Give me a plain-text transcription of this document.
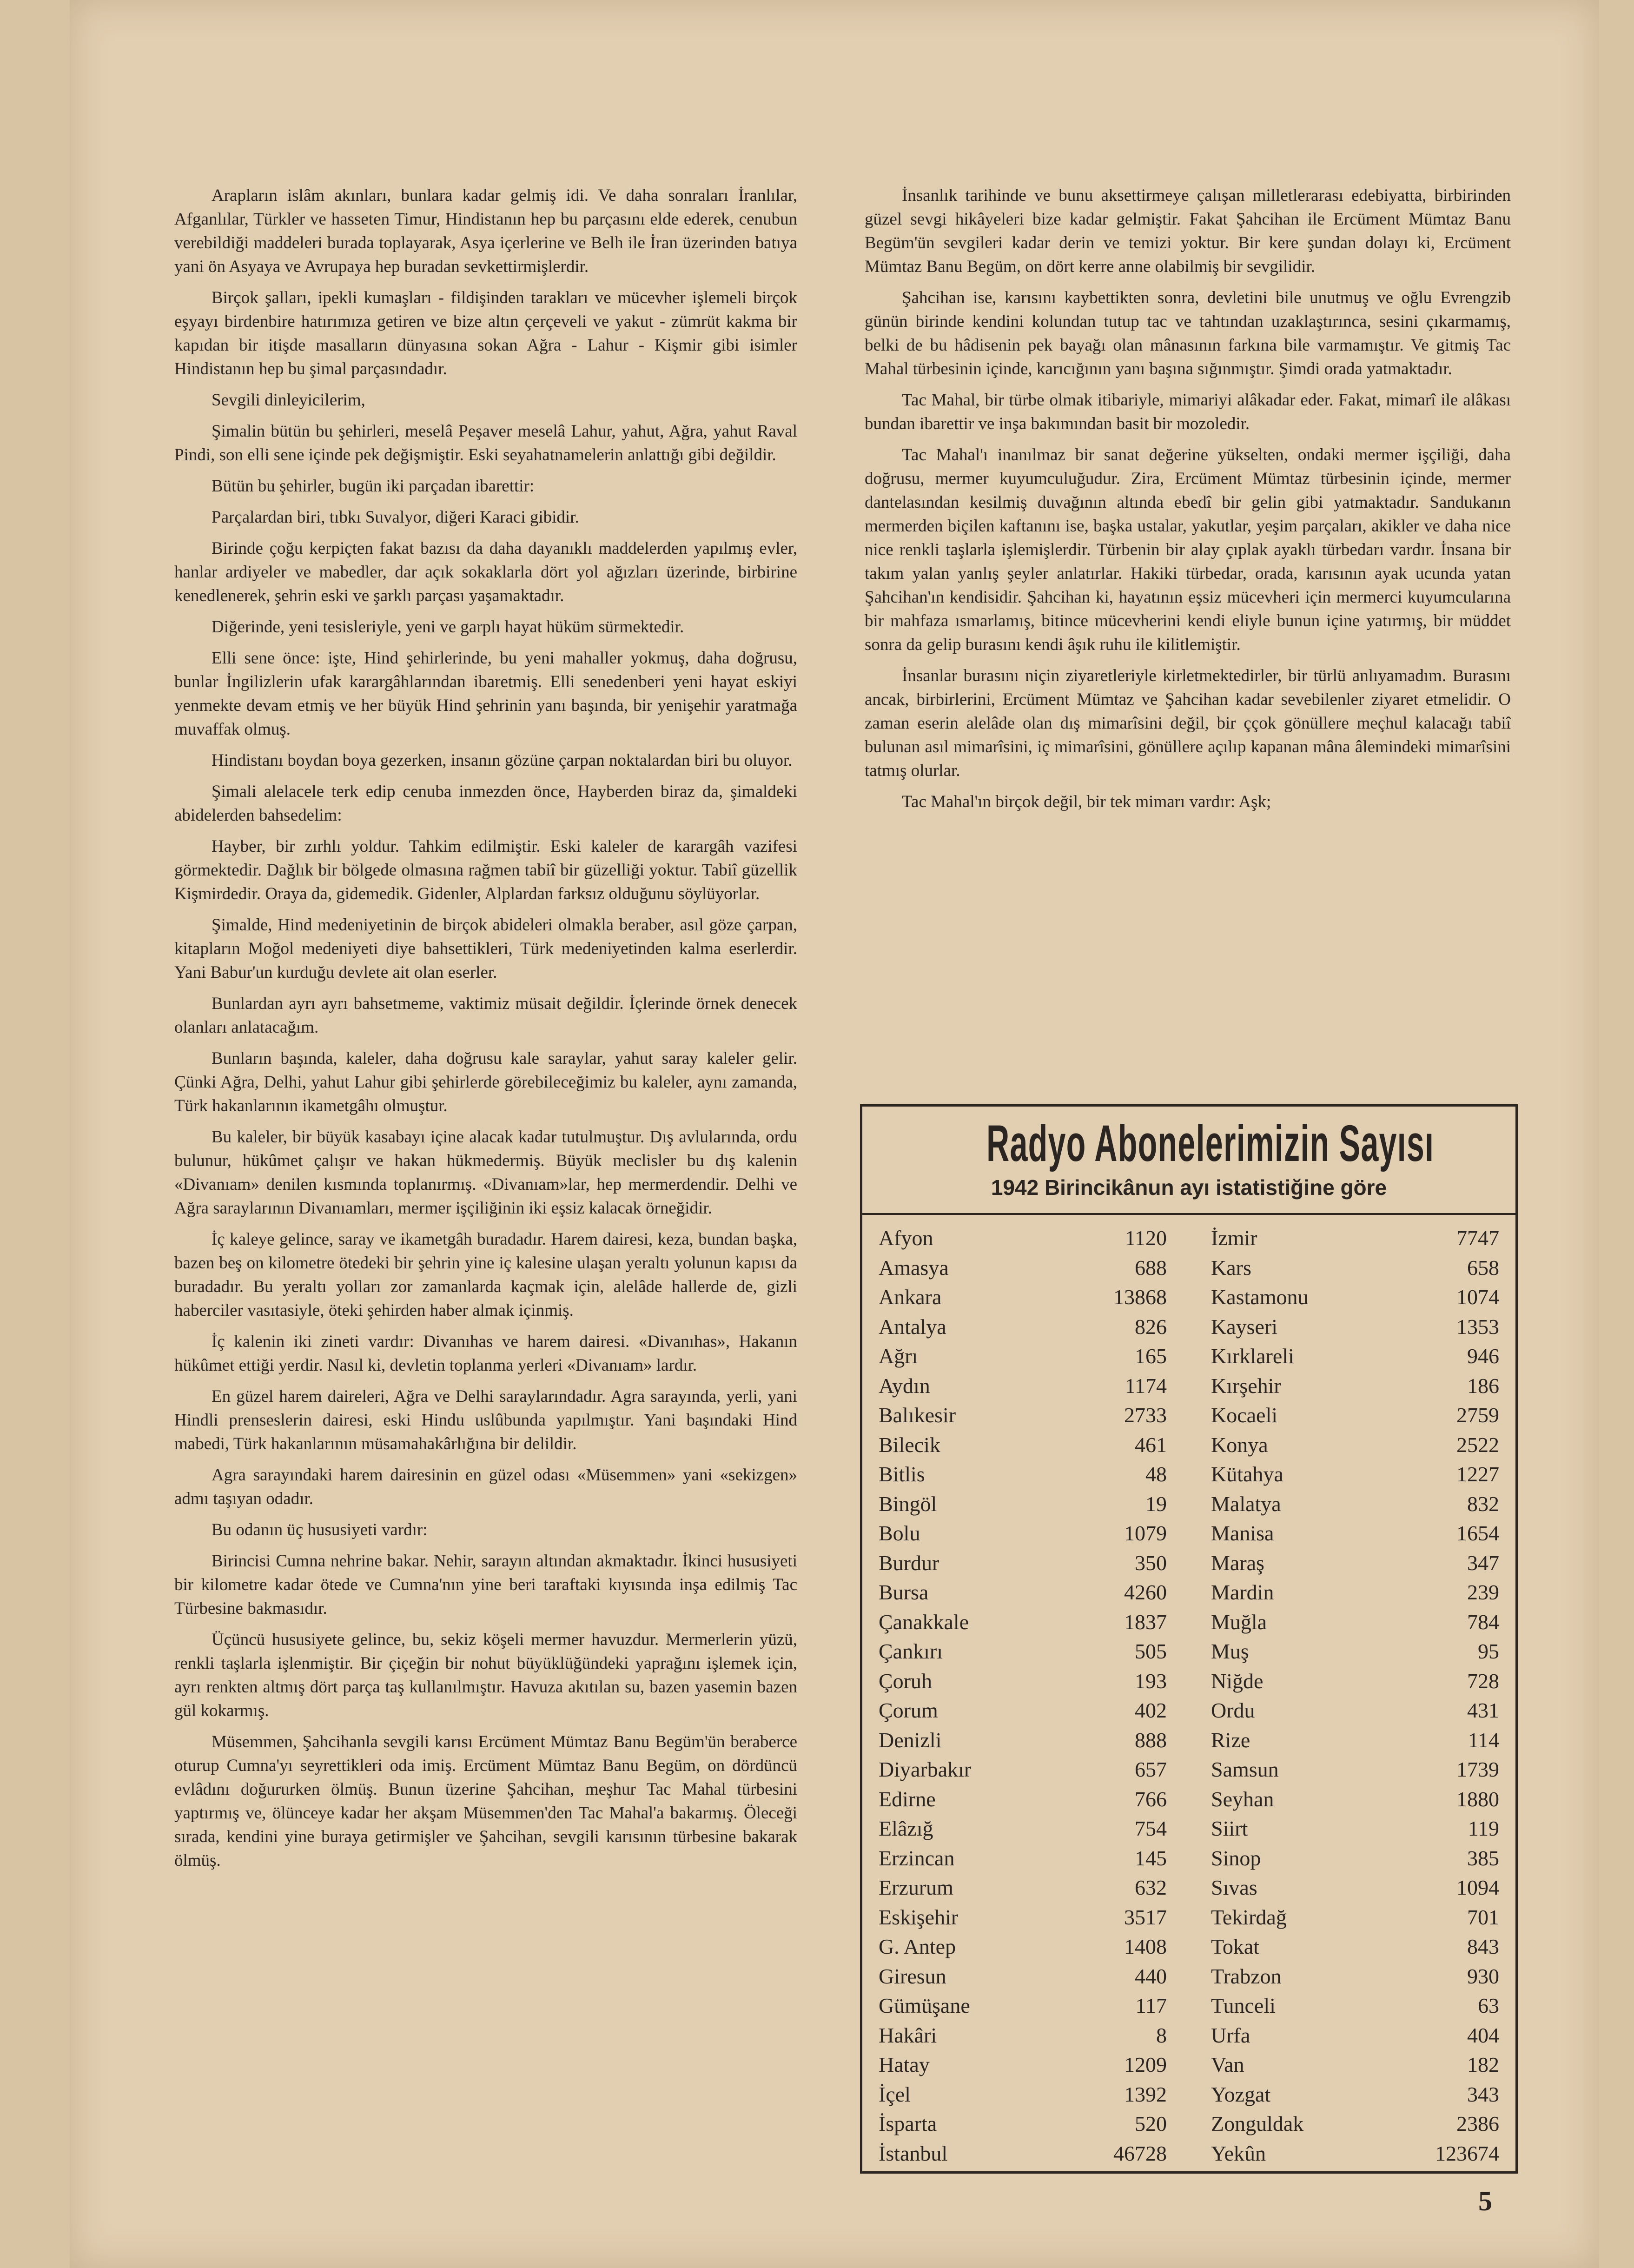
Arapların islâm akınları, bunlara kadar gelmiş idi. Ve daha sonraları İranlılar, Afganlılar, Türkler ve hasseten Timur, Hindistanın hep bu parçasını elde ederek, cenubun verebildiği maddeleri burada toplayarak, Asya içerlerine ve Belh ile İran üzerinden batıya yani ön Asyaya ve Avrupaya hep buradan sevkettirmişlerdir.

Birçok şalları, ipekli kumaşları - fildişinden tarakları ve mücevher işlemeli birçok eşyayı birdenbire hatırımıza getiren ve bize altın çerçeveli ve yakut - zümrüt kakma bir kapıdan bir itişde masalların dünyasına sokan Ağra - Lahur - Kişmir gibi isimler Hindistanın hep bu şimal parçasındadır.

Sevgili dinleyicilerim,

Şimalin bütün bu şehirleri, meselâ Peşaver meselâ Lahur, yahut, Ağra, yahut Raval Pindi, son elli sene içinde pek değişmiştir. Eski seyahatnamelerin anlattığı gibi değildir.

Bütün bu şehirler, bugün iki parçadan ibarettir:

Parçalardan biri, tıbkı Suvalyor, diğeri Karaci gibidir.

Birinde çoğu kerpiçten fakat bazısı da daha dayanıklı maddelerden yapılmış evler, hanlar ardiyeler ve mabedler, dar açık sokaklarla dört yol ağızları üzerinde, birbirine kenedlenerek, şehrin eski ve şarklı parçası yaşamaktadır.

Diğerinde, yeni tesisleriyle, yeni ve garplı hayat hüküm sürmektedir.

Elli sene önce: işte, Hind şehirlerinde, bu yeni mahaller yokmuş, daha doğrusu, bunlar İngilizlerin ufak karargâhlarından ibaretmiş. Elli senedenberi yeni hayat eskiyi yenmekte devam etmiş ve her büyük Hind şehrinin yanı başında, bir yenişehir yaratmağa muvaffak olmuş.

Hindistanı boydan boya gezerken, insanın gözüne çarpan noktalardan biri bu oluyor.

Şimali alelacele terk edip cenuba inmezden önce, Hayberden biraz da, şimaldeki abidelerden bahsedelim:

Hayber, bir zırhlı yoldur. Tahkim edilmiştir. Eski kaleler de karargâh vazifesi görmektedir. Dağlık bir bölgede olmasına rağmen tabiî bir güzelliği yoktur. Tabiî güzellik Kişmirdedir. Oraya da, gidemedik. Gidenler, Alplardan farksız olduğunu söylüyorlar.

Şimalde, Hind medeniyetinin de birçok abideleri olmakla beraber, asıl göze çarpan, kitapların Moğol medeniyeti diye bahsettikleri, Türk medeniyetinden kalma eserlerdir. Yani Babur'un kurduğu devlete ait olan eserler.

Bunlardan ayrı ayrı bahsetmeme, vaktimiz müsait değildir. İçlerinde örnek denecek olanları anlatacağım.

Bunların başında, kaleler, daha doğrusu kale saraylar, yahut saray kaleler gelir. Çünki Ağra, Delhi, yahut Lahur gibi şehirlerde görebileceğimiz bu kaleler, aynı zamanda, Türk hakanlarının ikametgâhı olmuştur.

Bu kaleler, bir büyük kasabayı içine alacak kadar tutulmuştur. Dış avlularında, ordu bulunur, hükûmet çalışır ve hakan hükmedermiş. Büyük meclisler bu dış kalenin «Divanıam» denilen kısmında toplanırmış. «Divanıam»lar, hep mermerdendir. Delhi ve Ağra saraylarının Divanıamları, mermer işçiliğinin iki eşsiz kalacak örneğidir.

İç kaleye gelince, saray ve ikametgâh buradadır. Harem dairesi, keza, bundan başka, bazen beş on kilometre ötedeki bir şehrin yine iç kalesine ulaşan yeraltı yolunun kapısı da buradadır. Bu yeraltı yolları zor zamanlarda kaçmak için, alelâde hallerde de, gizli haberciler vasıtasiyle, öteki şehirden haber almak içinmiş.

İç kalenin iki zineti vardır: Divanıhas ve harem dairesi. «Divanıhas», Hakanın hükûmet ettiği yerdir. Nasıl ki, devletin toplanma yerleri «Divanıam» lardır.

En güzel harem daireleri, Ağra ve Delhi saraylarındadır. Agra sarayında, yerli, yani Hindli prenseslerin dairesi, eski Hindu uslûbunda yapılmıştır. Yani başındaki Hind mabedi, Türk hakanlarının müsamahakârlığına bir delildir.

Agra sarayındaki harem dairesinin en güzel odası «Müsemmen» yani «sekizgen» admı taşıyan odadır.

Bu odanın üç hususiyeti vardır:

Birincisi Cumna nehrine bakar. Nehir, sarayın altından akmaktadır. İkinci hususiyeti bir kilometre kadar ötede ve Cumna'nın yine beri taraftaki kıyısında inşa edilmiş Tac Türbesine bakmasıdır.

Üçüncü hususiyete gelince, bu, sekiz köşeli mermer havuzdur. Mermerlerin yüzü, renkli taşlarla işlenmiştir. Bir çiçeğin bir nohut büyüklüğündeki yaprağını işlemek için, ayrı renkten altmış dört parça taş kullanılmıştır. Havuza akıtılan su, bazen yasemin bazen gül kokarmış.

Müsemmen, Şahcihanla sevgili karısı Ercüment Mümtaz Banu Begüm'ün beraberce oturup Cumna'yı seyrettikleri oda imiş. Ercüment Mümtaz Banu Begüm, on dördüncü evlâdını doğururken ölmüş. Bunun üzerine Şahcihan, meşhur Tac Mahal türbesini yaptırmış ve, ölünceye kadar her akşam Müsemmen'den Tac Mahal'a bakarmış. Öleceği sırada, kendini yine buraya getirmişler ve Şahcihan, sevgili karısının türbesine bakarak ölmüş.

İnsanlık tarihinde ve bunu aksettirmeye çalışan milletlerarası edebiyatta, birbirinden güzel sevgi hikâyeleri bize kadar gelmiştir. Fakat Şahcihan ile Ercüment Mümtaz Banu Begüm'ün sevgileri kadar derin ve temizi yoktur. Bir kere şundan dolayı ki, Ercüment Mümtaz Banu Begüm, on dört kerre anne olabilmiş bir sevgilidir.

Şahcihan ise, karısını kaybettikten sonra, devletini bile unutmuş ve oğlu Evrengzib günün birinde kendini kolundan tutup tac ve tahtından uzaklaştırınca, sesini çıkarmamış, belki de bu hâdisenin pek bayağı olan mânasının farkına bile varmamıştır. Ve gitmiş Tac Mahal türbesinin içinde, karıcığının yanı başına sığınmıştır. Şimdi orada yatmaktadır.

Tac Mahal, bir türbe olmak itibariyle, mimariyi alâkadar eder. Fakat, mimarî ile alâkası bundan ibarettir ve inşa bakımından basit bir mozoledir.

Tac Mahal'ı inanılmaz bir sanat değerine yükselten, ondaki mermer işçiliği, daha doğrusu, mermer kuyumculuğudur. Zira, Ercüment Mümtaz türbesinin içinde, mermer dantelasından kesilmiş duvağının altında ebedî bir gelin gibi yatmaktadır. Sandukanın mermerden biçilen kaftanını ise, başka ustalar, yakutlar, yeşim parçaları, akikler ve daha nice nice renkli taşlarla işlemişlerdir. Türbenin bir alay çıplak ayaklı türbedarı vardır. İnsana bir takım yalan yanlış şeyler anlatırlar. Hakiki türbedar, orada, karısının ayak ucunda yatan Şahcihan'ın kendisidir. Şahcihan ki, hayatının eşsiz mücevheri için mermerci kuyumcularına bir mahfaza ısmarlamış, bitince mücevherini kendi eliyle bunun içine yatırmış, bir müddet sonra da gelip burasını kendi âşık ruhu ile kilitlemiştir.

İnsanlar burasını niçin ziyaretleriyle kirletmektedirler, bir türlü anlıyamadım. Burasını ancak, birbirlerini, Ercüment Mümtaz ve Şahcihan kadar sevebilenler ziyaret etmelidir. O zaman eserin alelâde olan dış mimarîsini değil, bir ççok gönüllere meçhul kalacağı tabiî bulunan asıl mimarîsini, iç mimarîsini, gönüllere açılıp kapanan mâna âlemindeki mimarîsini tatmış olurlar.

Tac Mahal'ın birçok değil, bir tek mimarı vardır: Aşk;

Radyo Abonelerimizin Sayısı
1942 Birincikânun ayı istatistiğine göre
Afyon	1120
Amasya	688
Ankara	13868
Antalya	826
Ağrı	165
Aydın	1174
Balıkesir	2733
Bilecik	461
Bitlis	48
Bingöl	19
Bolu	1079
Burdur	350
Bursa	4260
Çanakkale	1837
Çankırı	505
Çoruh	193
Çorum	402
Denizli	888
Diyarbakır	657
Edirne	766
Elâzığ	754
Erzincan	145
Erzurum	632
Eskişehir	3517
G. Antep	1408
Giresun	440
Gümüşane	117
Hakâri	8
Hatay	1209
İçel	1392
İsparta	520
İstanbul	46728
İzmir	7747
Kars	658
Kastamonu	1074
Kayseri	1353
Kırklareli	946
Kırşehir	186
Kocaeli	2759
Konya	2522
Kütahya	1227
Malatya	832
Manisa	1654
Maraş	347
Mardin	239
Muğla	784
Muş	95
Niğde	728
Ordu	431
Rize	114
Samsun	1739
Seyhan	1880
Siirt	119
Sinop	385
Sıvas	1094
Tekirdağ	701
Tokat	843
Trabzon	930
Tunceli	63
Urfa	404
Van	182
Yozgat	343
Zonguldak	2386
Yekûn	123674
5
